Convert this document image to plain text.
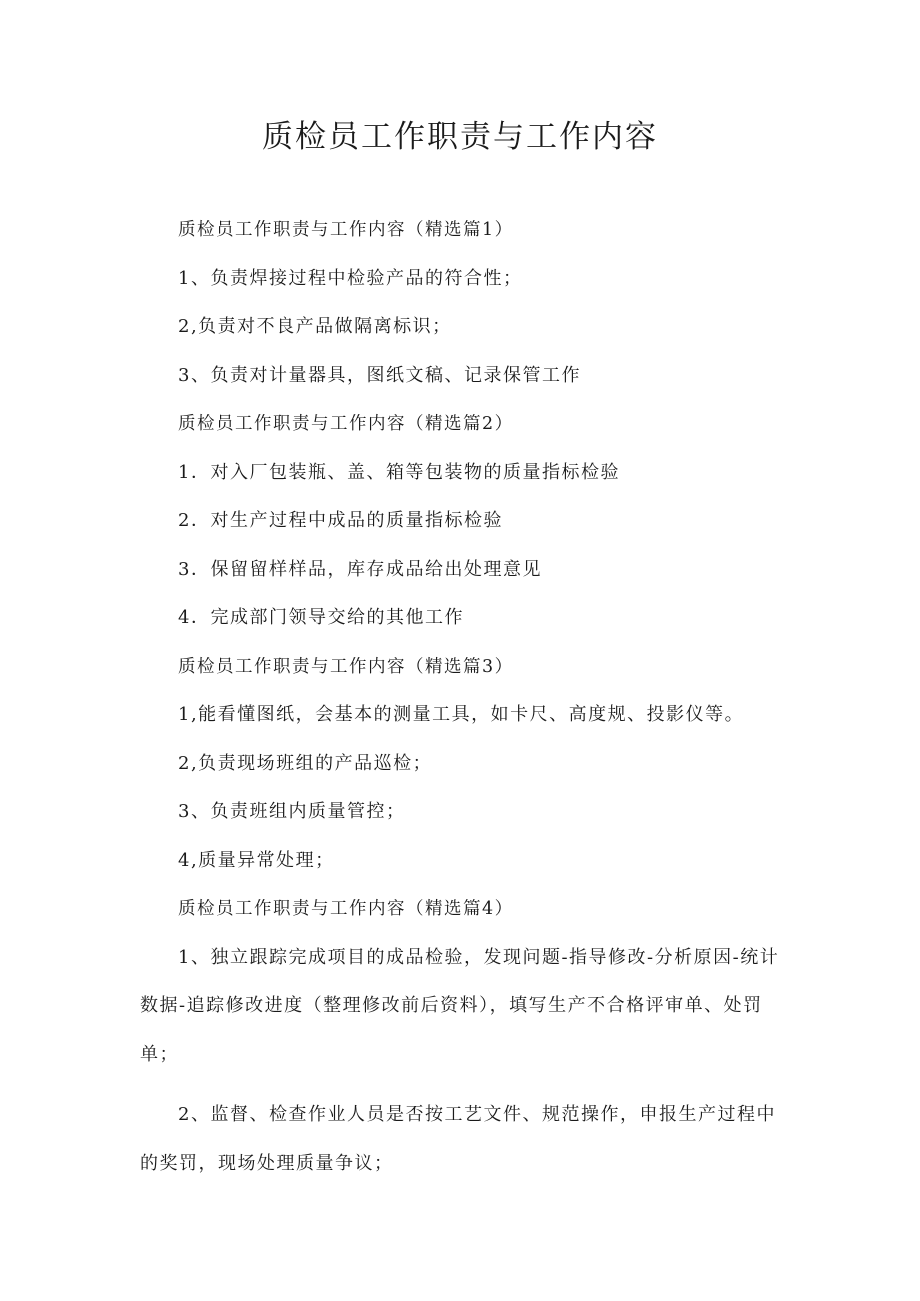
质检员工作职责与工作内容
质检员工作职责与工作内容（精选篇1）
1、负责焊接过程中检验产品的符合性；
2,负责对不良产品做隔离标识；
3、负责对计量器具，图纸文稿、记录保管工作
质检员工作职责与工作内容（精选篇2）
1．对入厂包装瓶、盖、箱等包装物的质量指标检验
2．对生产过程中成品的质量指标检验
3．保留留样样品，库存成品给出处理意见
4．完成部门领导交给的其他工作
质检员工作职责与工作内容（精选篇3）
1,能看懂图纸，会基本的测量工具，如卡尺、高度规、投影仪等。
2,负责现场班组的产品巡检；
3、负责班组内质量管控；
4,质量异常处理；
质检员工作职责与工作内容（精选篇4）

1、独立跟踪完成项目的成品检验，发现问题-指导修改-分析原因-统计数据-追踪修改进度（整理修改前后资料），填写生产不合格评审单、处罚单；

2、监督、检查作业人员是否按工艺文件、规范操作，申报生产过程中的奖罚，现场处理质量争议；
